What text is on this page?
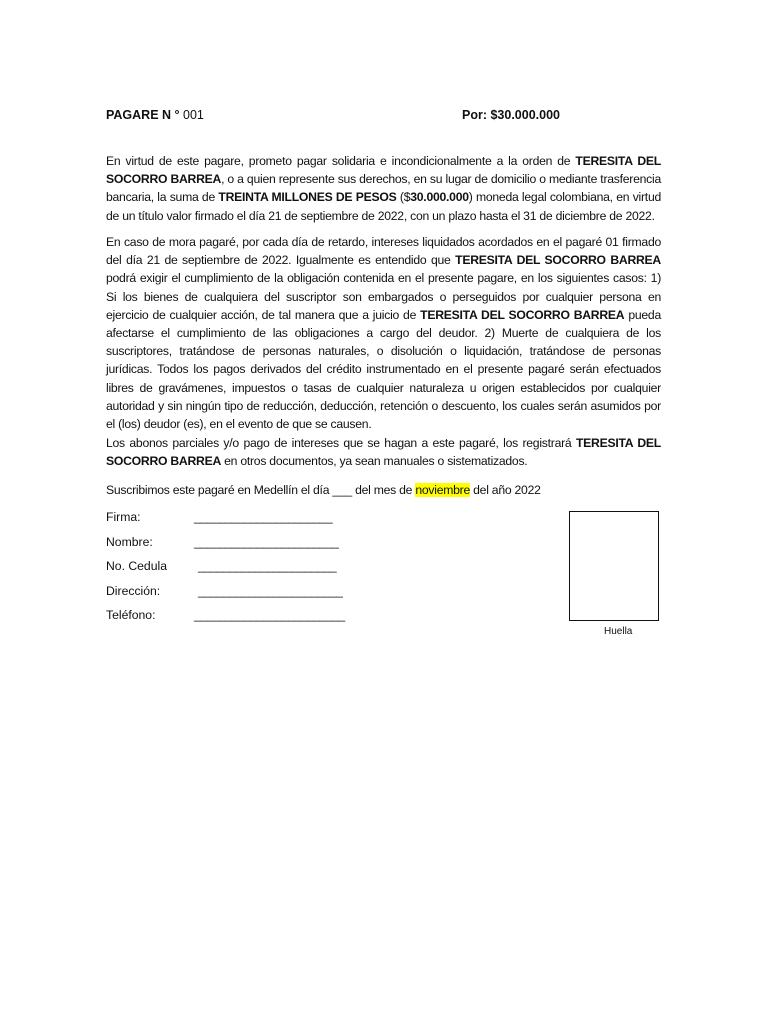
PAGARE N ° 001	Por: $30.000.000

En virtud de este pagare, prometo pagar solidaria e incondicionalmente a la orden de TERESITA DEL SOCORRO BARREA, o a quien represente sus derechos, en su lugar de domicilio o mediante trasferencia bancaria, la suma de TREINTA MILLONES DE PESOS ($30.000.000) moneda legal colombiana, en virtud de un título valor firmado el día 21 de septiembre de 2022, con un plazo hasta el 31 de diciembre de 2022.

En caso de mora pagaré, por cada día de retardo, intereses liquidados acordados en el pagaré 01 firmado del día 21 de septiembre de 2022. Igualmente es entendido que TERESITA DEL SOCORRO BARREA podrá exigir el cumplimiento de la obligación contenida en el presente pagare, en los siguientes casos: 1) Si los bienes de cualquiera del suscriptor son embargados o perseguidos por cualquier persona en ejercicio de cualquier acción, de tal manera que a juicio de TERESITA DEL SOCORRO BARREA pueda afectarse el cumplimiento de las obligaciones a cargo del deudor. 2) Muerte de cualquiera de los suscriptores, tratándose de personas naturales, o disolución o liquidación, tratándose de personas jurídicas. Todos los pagos derivados del crédito instrumentado en el presente pagaré serán efectuados libres de gravámenes, impuestos o tasas de cualquier naturaleza u origen establecidos por cualquier autoridad y sin ningún tipo de reducción, deducción, retención o descuento, los cuales serán asumidos por el (los) deudor (es), en el evento de que se causen.

Los abonos parciales y/o pago de intereses que se hagan a este pagaré, los registrará TERESITA DEL SOCORRO BARREA en otros documentos, ya sean manuales o sistematizados.

Suscribimos este pagaré en Medellín el día ___ del mes de noviembre del año 2022

Firma:	______________________
Nombre:	_______________________
No. Cedula	______________________
Dirección:	_______________________
Teléfono:	________________________
Huella
